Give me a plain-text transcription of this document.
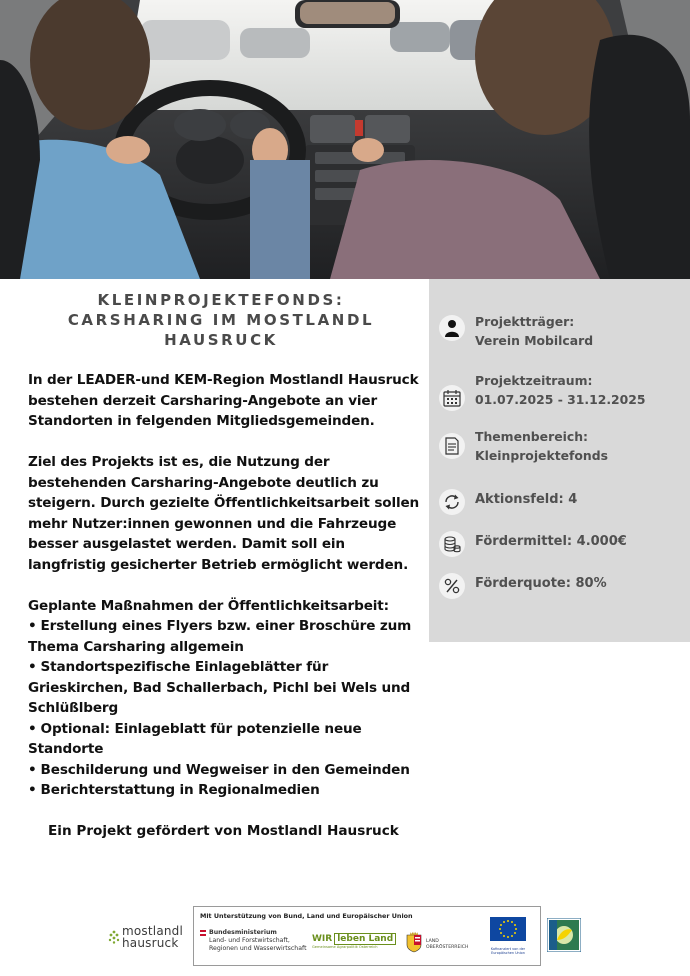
KLEINPROJEKTEFONDS:
CARSHARING IM MOSTLANDL
HAUSRUCK

In der LEADER-und KEM-Region Mostlandl Hausruck bestehen derzeit Carsharing-Angebote an vier Standorten in felgenden Mitgliedsgemeinden.

Ziel des Projekts ist es, die Nutzung der bestehenden Carsharing-Angebote deutlich zu steigern. Durch gezielte Öffentlichkeitsarbeit sollen mehr Nutzer:innen gewonnen und die Fahrzeuge besser ausgelastet werden. Damit soll ein langfristig gesicherter Betrieb ermöglicht werden.

Geplante Maßnahmen der Öffentlichkeitsarbeit:
• Erstellung eines Flyers bzw. einer Broschüre zum Thema Carsharing allgemein
• Standortspezifische Einlageblätter für Grieskirchen, Bad Schallerbach, Pichl bei Wels und Schlüßlberg
• Optional: Einlageblatt für potenzielle neue Standorte
• Beschilderung und Wegweiser in den Gemeinden
• Berichterstattung in Regionalmedien
Ein Projekt gefördert von Mostlandl Hausruck
Projektträger:
Verein Mobilcard
Projektzeitraum:
01.07.2025 - 31.12.2025
Themenbereich:
Kleinprojektefonds
Aktionsfeld: 4
Fördermittel: 4.000€
Förderquote: 80%
mostlandl
hausruck
Mit Unterstützung von Bund, Land und Europäischer Union
Bundesministerium
Land- und Forstwirtschaft,
Regionen und Wasserwirtschaft
WIR leben Land
Gemeinsame Agrarpolitik Österreich
LAND
OBERÖSTERREICH	Kofinanziert von der
Europäischen Union
